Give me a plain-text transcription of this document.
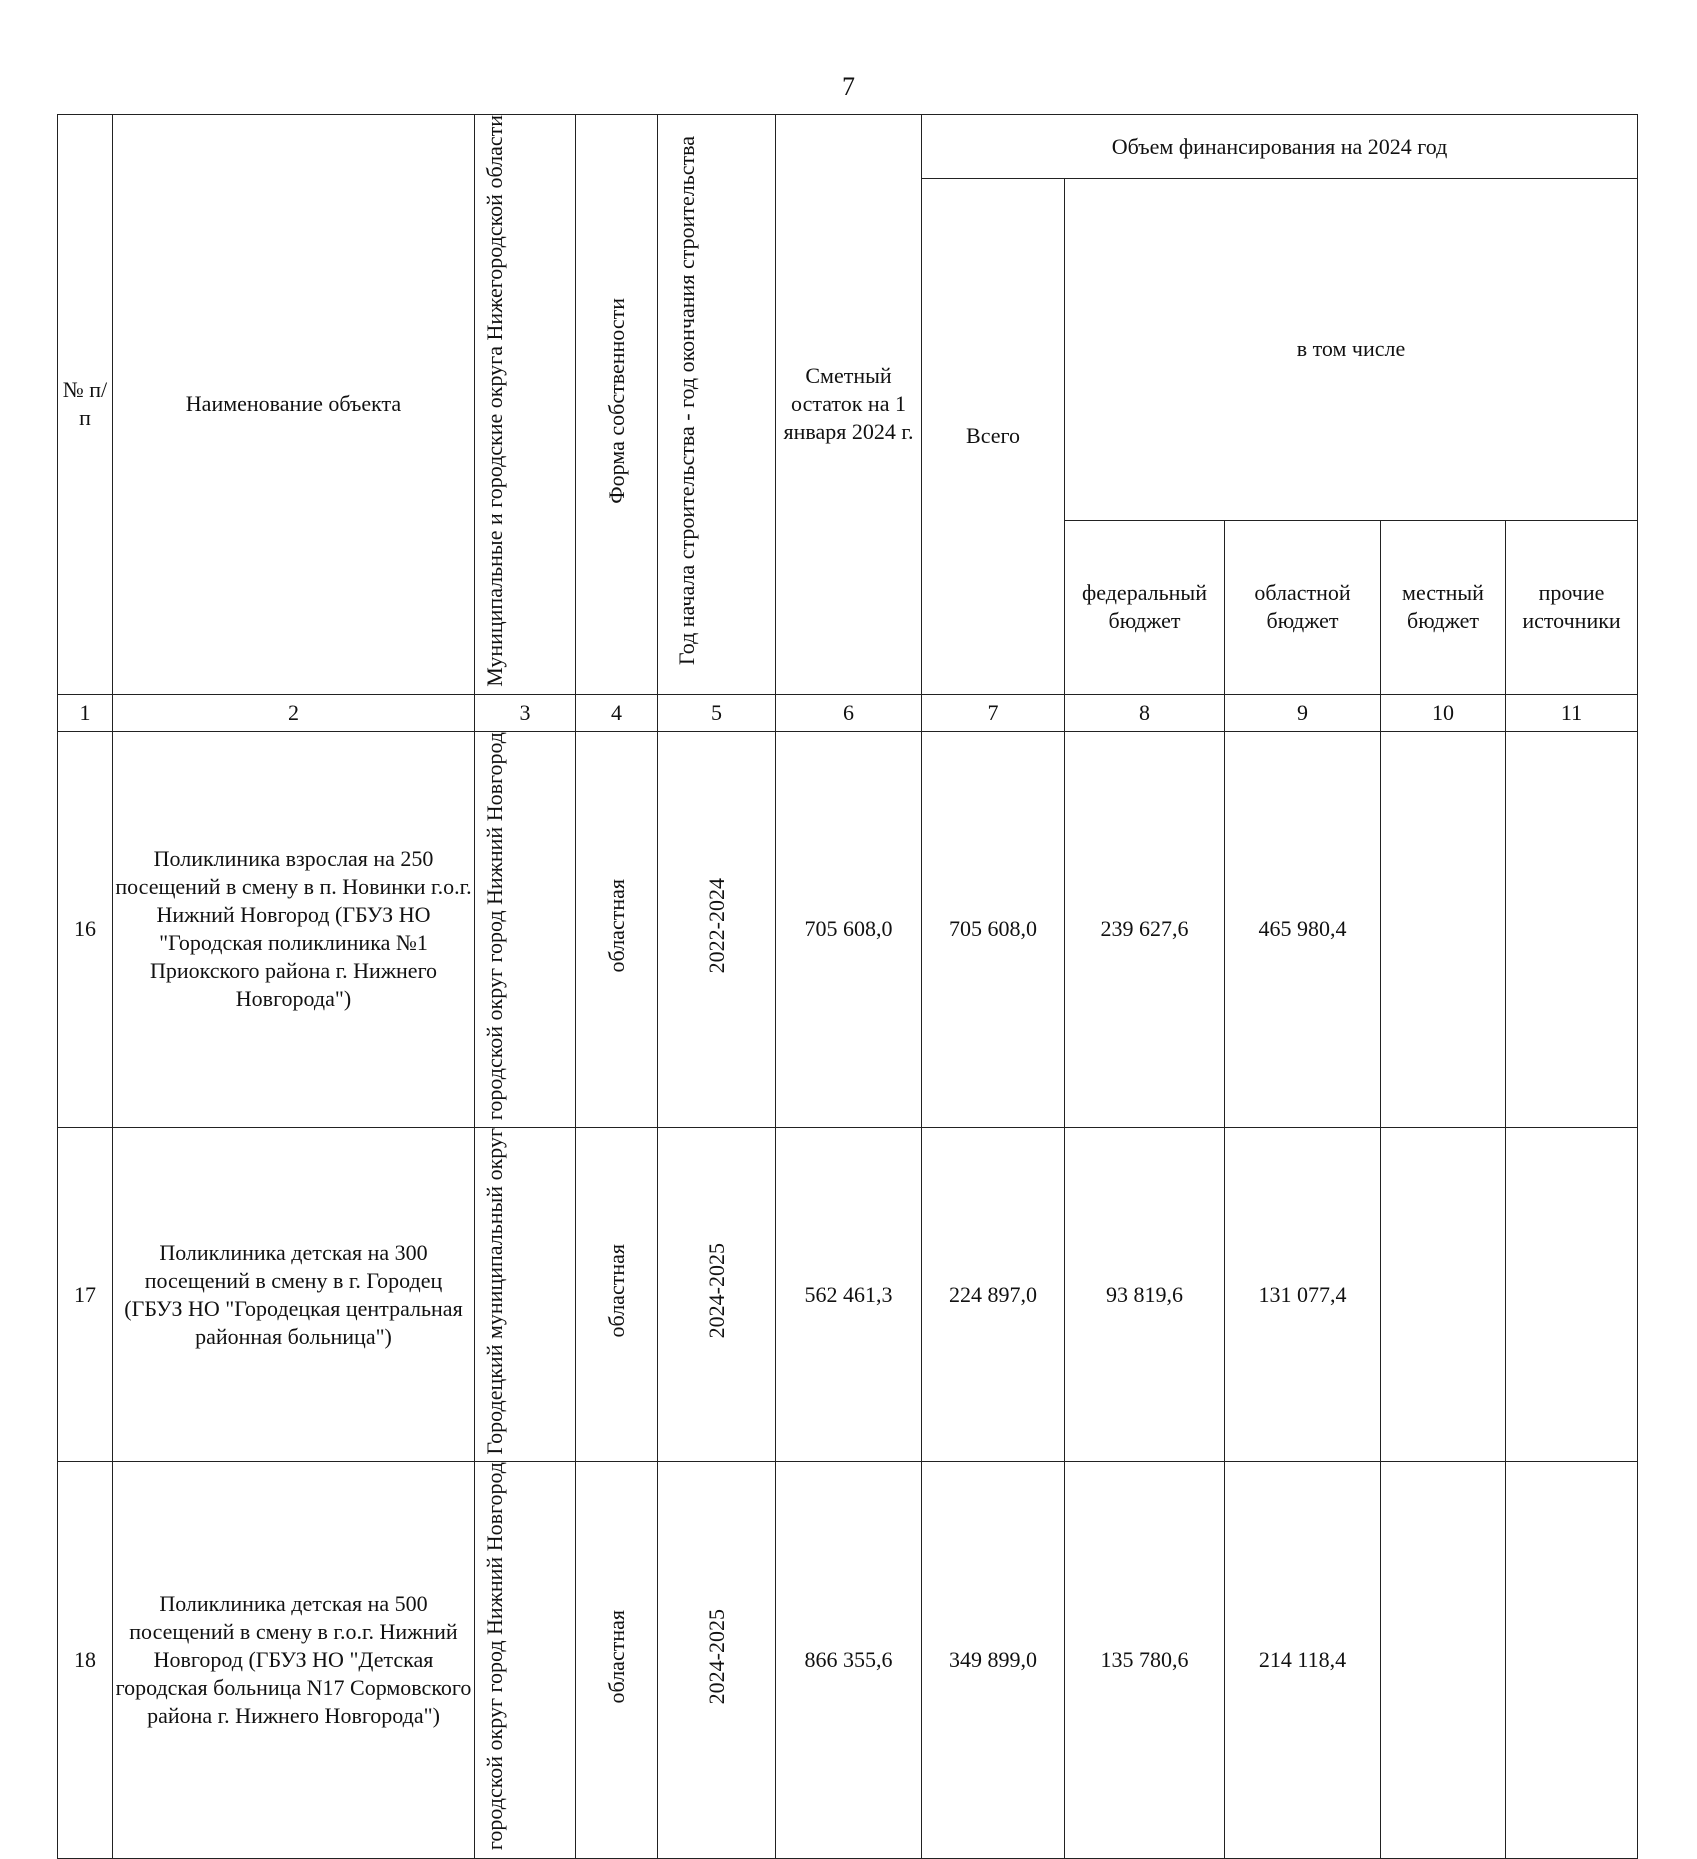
7
№ п/п	Наименование объекта	Муниципальные и городские округа Нижегородской области	Форма собственности	Год начала строительства - год окончания строительства	Сметный остаток на 1 января 2024 г.	Объем финансирования на 2024 год				
						Всего	в том числе			
							федеральный бюджет	областной бюджет	местный бюджет	прочие источники
1	2	3	4	5	6	7	8	9	10	11
16	Поликлиника взрослая на 250 посещений в смену в п. Новинки г.о.г. Нижний Новгород (ГБУЗ НО "Городская поликлиника №1 Приокского района г. Нижнего Новгорода")	городской округ город Нижний Новгород	областная	2022-2024	705 608,0	705 608,0	239 627,6	465 980,4		
17	Поликлиника детская на 300 посещений в смену в г. Городец (ГБУЗ НО "Городецкая центральная районная больница")	Городецкий муниципальный округ	областная	2024-2025	562 461,3	224 897,0	93 819,6	131 077,4		
18	Поликлиника детская на 500 посещений в смену в г.о.г. Нижний Новгород (ГБУЗ НО "Детская городская больница N17 Сормовского района г. Нижнего Новгорода")	городской округ город Нижний Новгород	областная	2024-2025	866 355,6	349 899,0	135 780,6	214 118,4		
